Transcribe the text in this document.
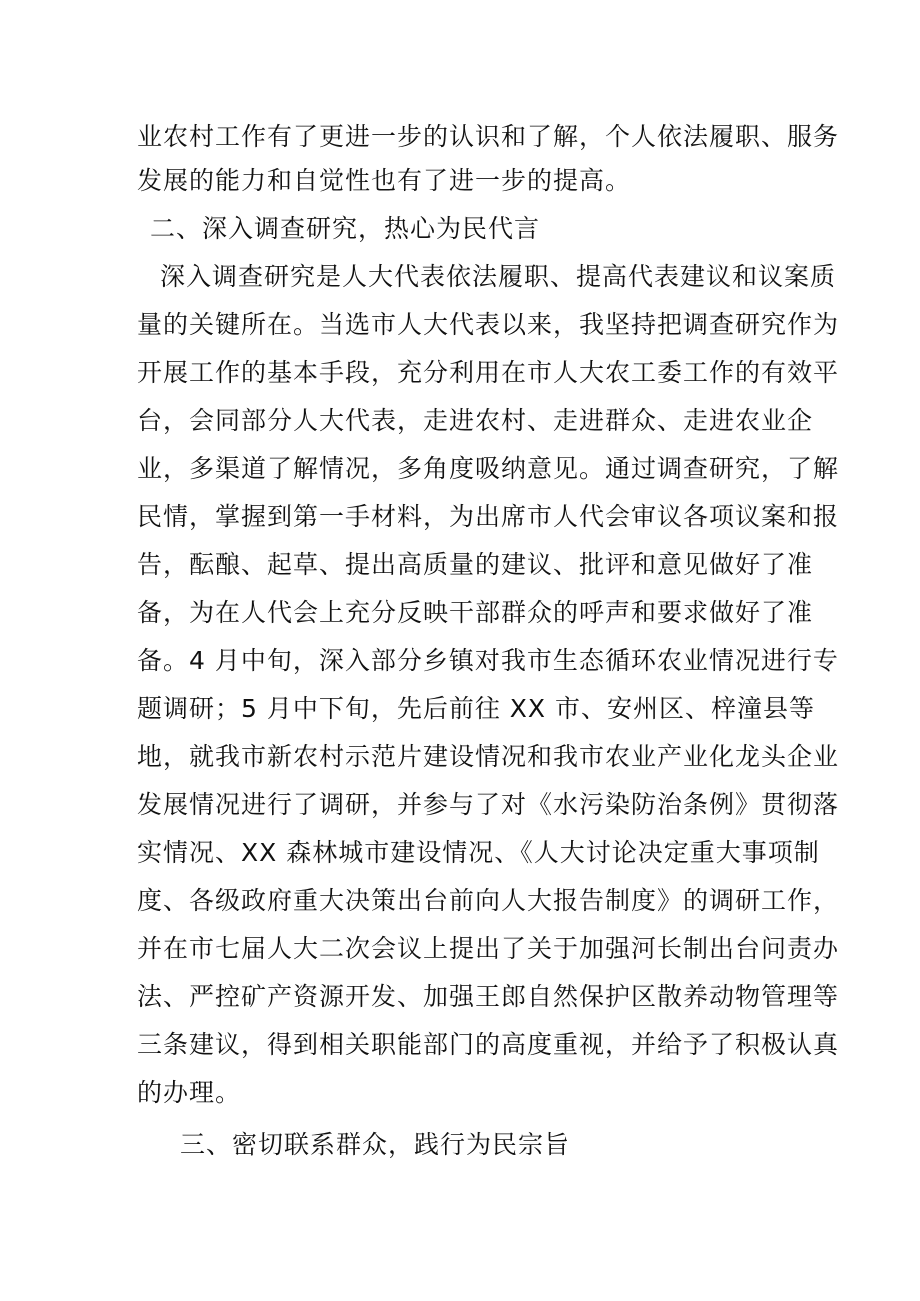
业农村工作有了更进一步的认识和了解，个人依法履职、服务
发展的能力和自觉性也有了进一步的提高。
二、深入调查研究，热心为民代言
深入调查研究是人大代表依法履职、提高代表建议和议案质
量的关键所在。当选市人大代表以来，我坚持把调查研究作为
开展工作的基本手段，充分利用在市人大农工委工作的有效平
台，会同部分人大代表，走进农村、走进群众、走进农业企
业，多渠道了解情况，多角度吸纳意见。通过调查研究，了解
民情，掌握到第一手材料，为出席市人代会审议各项议案和报
告，酝酿、起草、提出高质量的建议、批评和意见做好了准
备，为在人代会上充分反映干部群众的呼声和要求做好了准
备。4 月中旬，深入部分乡镇对我市生态循环农业情况进行专
题调研；5 月中下旬，先后前往 XX 市、安州区、梓潼县等
地，就我市新农村示范片建设情况和我市农业产业化龙头企业
发展情况进行了调研，并参与了对《水污染防治条例》贯彻落
实情况、XX 森林城市建设情况、《人大讨论决定重大事项制
度、各级政府重大决策出台前向人大报告制度》的调研工作，
并在市七届人大二次会议上提出了关于加强河长制出台问责办
法、严控矿产资源开发、加强王郎自然保护区散养动物管理等
三条建议，得到相关职能部门的高度重视，并给予了积极认真
的办理。
三、密切联系群众，践行为民宗旨
